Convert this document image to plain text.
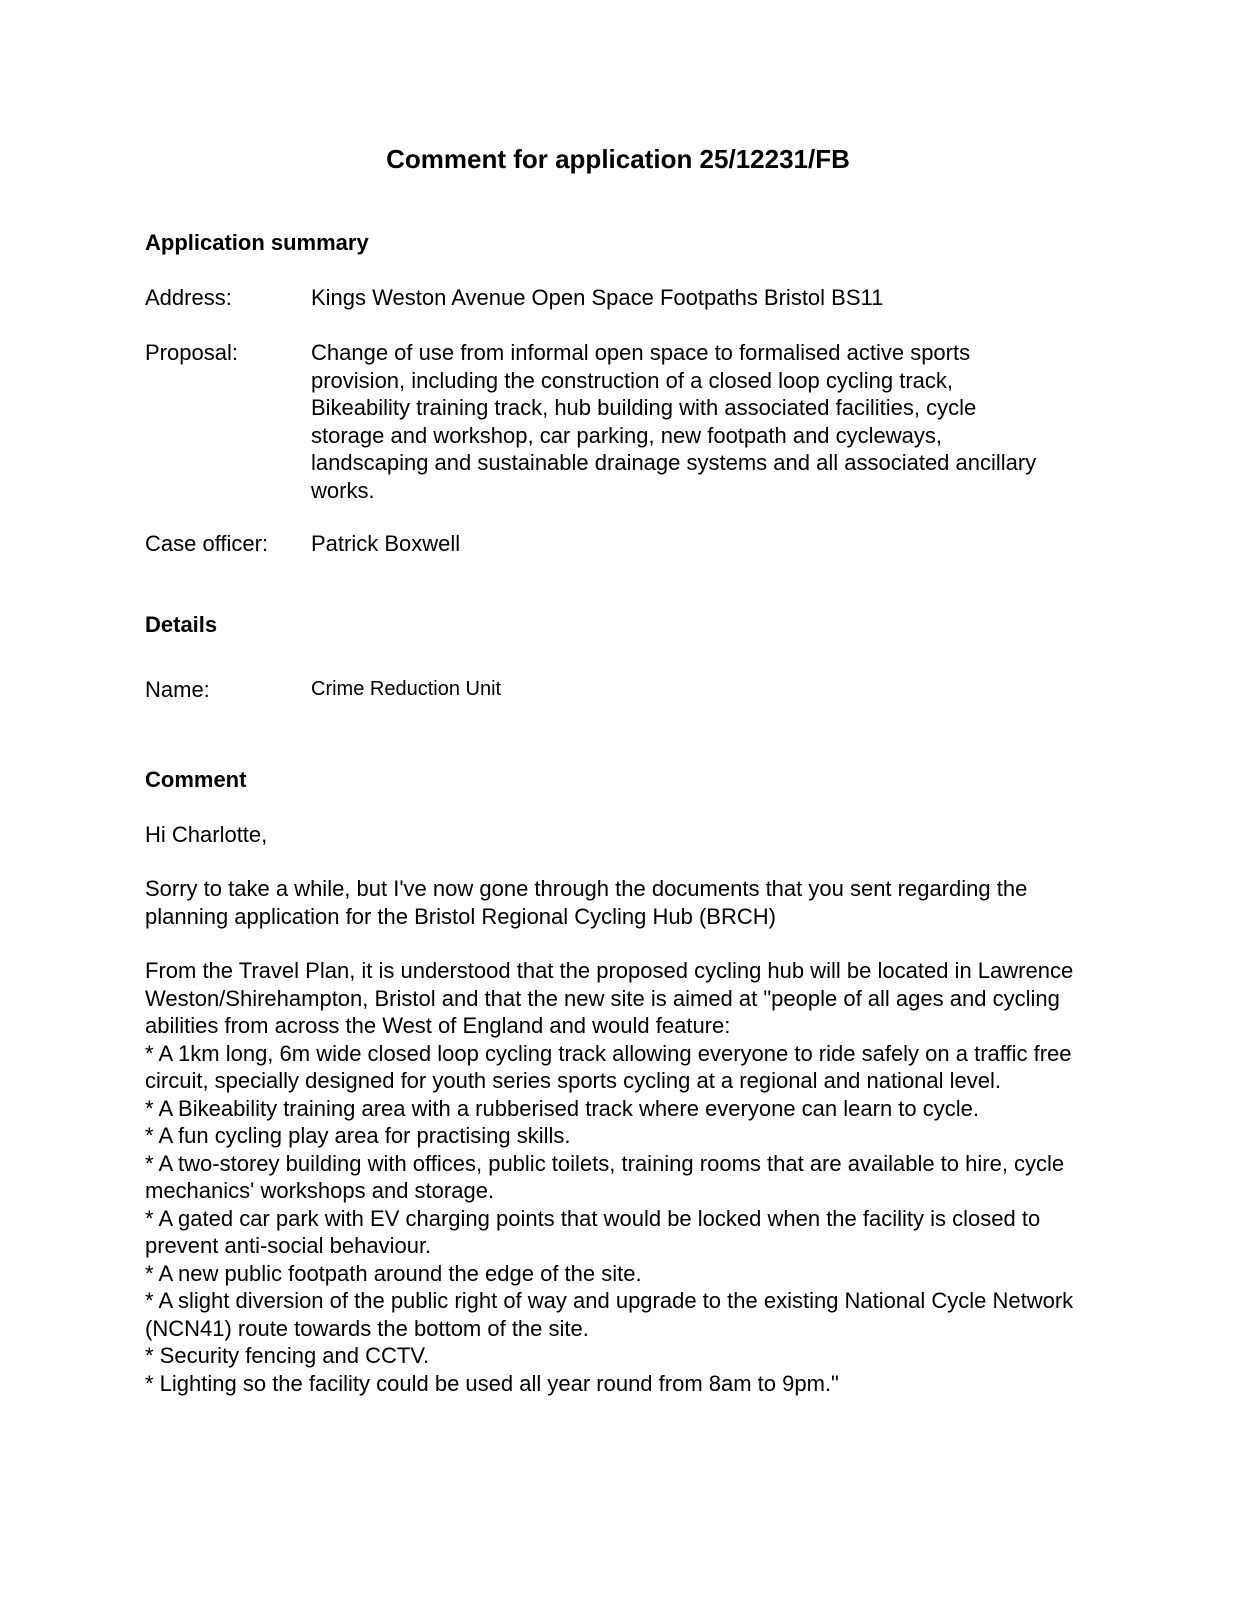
Comment for application 25/12231/FB
Application summary
Address:	Kings Weston Avenue Open Space Footpaths Bristol BS11
Proposal:	Change of use from informal open space to formalised active sports provision, including the construction of a closed loop cycling track, Bikeability training track, hub building with associated facilities, cycle storage and workshop, car parking, new footpath and cycleways, landscaping and sustainable drainage systems and all associated ancillary works.
Case officer: Patrick Boxwell
Details
Name:	Crime Reduction Unit
Comment
Hi Charlotte,
Sorry to take a while, but I've now gone through the documents that you sent regarding the planning application for the Bristol Regional Cycling Hub (BRCH)

From the Travel Plan, it is understood that the proposed cycling hub will be located in Lawrence Weston/Shirehampton, Bristol and that the new site is aimed at "people of all ages and cycling abilities from across the West of England and would feature:

* A 1km long, 6m wide closed loop cycling track allowing everyone to ride safely on a traffic free circuit, specially designed for youth series sports cycling at a regional and national level.
* A Bikeability training area with a rubberised track where everyone can learn to cycle.
* A fun cycling play area for practising skills.
* A two-storey building with offices, public toilets, training rooms that are available to hire, cycle mechanics' workshops and storage.
* A gated car park with EV charging points that would be locked when the facility is closed to prevent anti-social behaviour.
* A new public footpath around the edge of the site.
* A slight diversion of the public right of way and upgrade to the existing National Cycle Network (NCN41) route towards the bottom of the site.
* Security fencing and CCTV.
* Lighting so the facility could be used all year round from 8am to 9pm."
